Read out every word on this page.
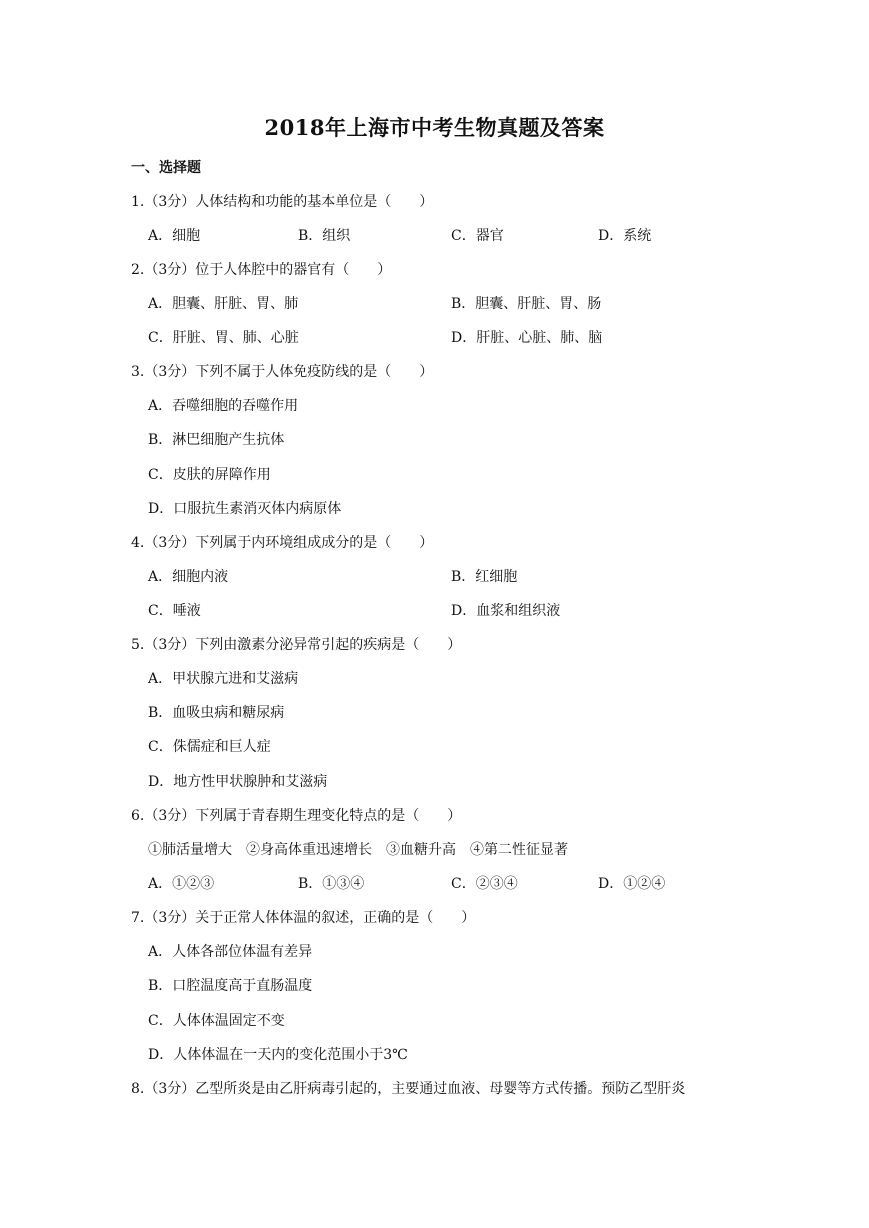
2018年上海市中考生物真题及答案
一、选择题
1.（3分）人体结构和功能的基本单位是（　　）
A．细胞	B．组织	C．器官	D．系统
2.（3分）位于人体腔中的器官有（　　）
A．胆囊、肝脏、胃、肺	B．胆囊、肝脏、胃、肠
C．肝脏、胃、肺、心脏	D．肝脏、心脏、肺、脑
3.（3分）下列不属于人体免疫防线的是（　　）
A．吞噬细胞的吞噬作用
B．淋巴细胞产生抗体
C．皮肤的屏障作用
D．口服抗生素消灭体内病原体
4.（3分）下列属于内环境组成成分的是（　　）
A．细胞内液	B．红细胞
C．唾液	D．血浆和组织液
5.（3分）下列由激素分泌异常引起的疾病是（　　）
A．甲状腺亢进和艾滋病
B．血吸虫病和糖尿病
C．侏儒症和巨人症
D．地方性甲状腺肿和艾滋病
6.（3分）下列属于青春期生理变化特点的是（　　）
①肺活量增大　②身高体重迅速增长　③血糖升高　④第二性征显著
A．①②③	B．①③④	C．②③④	D．①②④
7.（3分）关于正常人体体温的叙述，正确的是（　　）
A．人体各部位体温有差异
B．口腔温度高于直肠温度
C．人体体温固定不变
D．人体体温在一天内的变化范围小于3℃
8.（3分）乙型所炎是由乙肝病毒引起的，主要通过血液、母婴等方式传播。预防乙型肝炎
